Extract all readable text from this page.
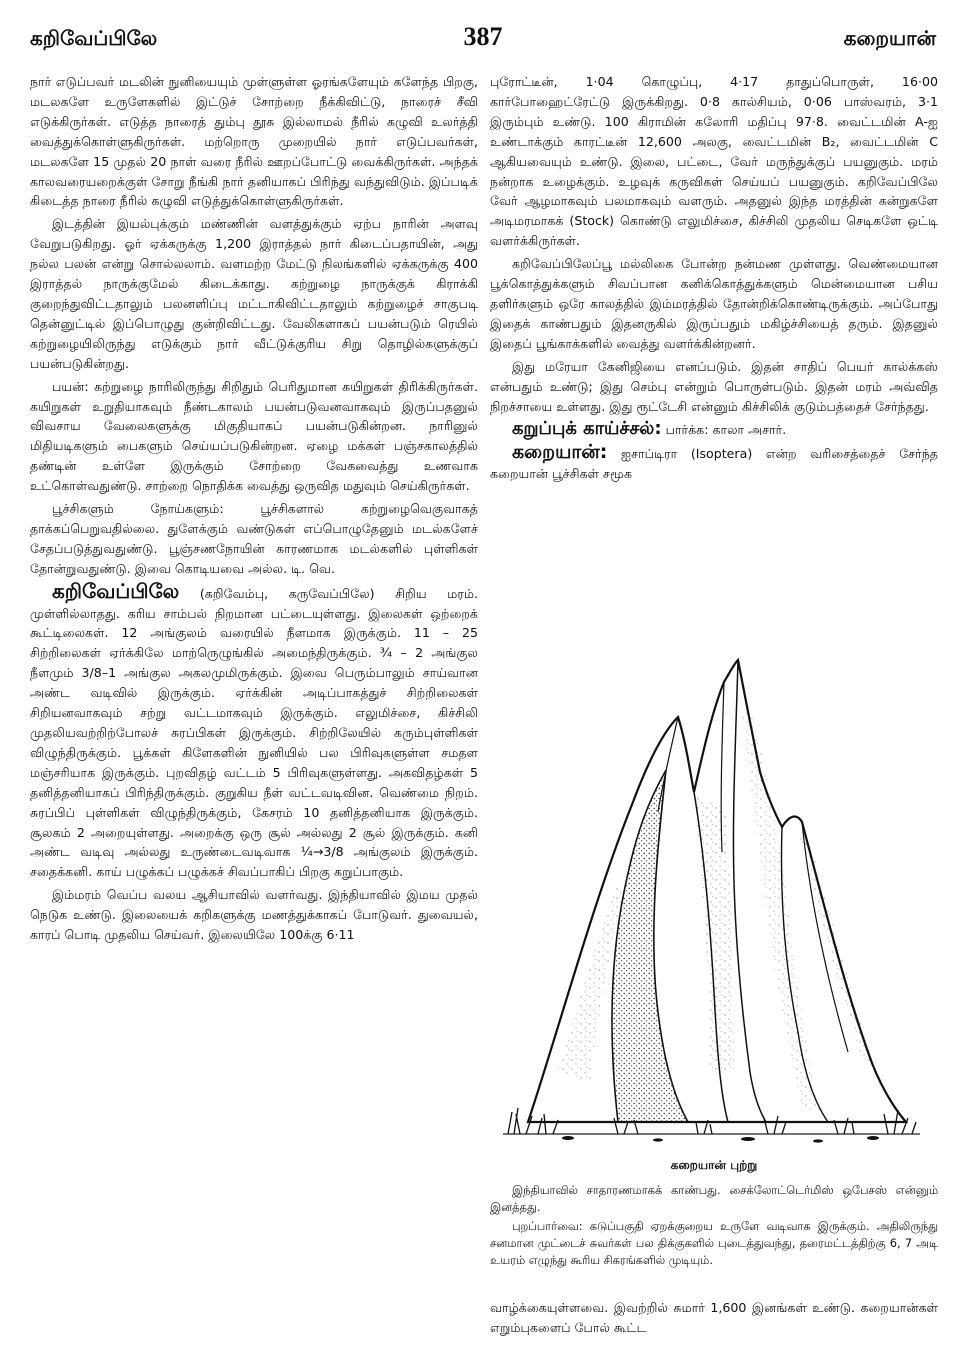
கறிவேப்பிலே	387	கறையான்

நார் எடுப்பவர் மடலின் நுனியையும் முள்ளுள்ள ஓரங்களேயும் களேந்த பிறகு, மடலகளே உருளேகளில் இட்டுச் சோற்றை நீக்கிவிட்டு, நாரைச் சீவி எடுக்கிருர்கள். எடுத்த நாரைத் தும்பு தூசு இல்லாமல் நீரில் கழுவி உலர்த்தி வைத்துக்கொள்ளுகிருர்கள். மற்றொரு முறையில் நார் எடுப்பவர்கள், மடலகளே 15 முதல் 20 நாள் வரை நீரில் ஊறப்போட்டு வைக்கிருர்கள். அந்தக் காலவரையறைக்குள் சோறு நீங்கி நார் தனியாகப் பிரிந்து வந்துவிடும். இப்படிக் கிடைத்த நாரை நீரில் கழுவி எடுத்துக்கொள்ளுகிருர்கள்.

இடத்தின் இயல்புக்கும் மண்ணின் வளத்துக்கும் ஏற்ப நாரின் அளவு வேறுபடுகிறது. ஓர் ஏக்கருக்கு 1,200 இராத்தல் நார் கிடைப்பதாயின், அது நல்ல பலன் என்று சொல்லலாம். வளமற்ற மேட்டு நிலங்களில் ஏக்கருக்கு 400 இராத்தல் நாருக்குமேல் கிடைக்காது. கற்றுழை நாருக்குக் கிராக்கி குறைந்துவிட்டதாலும் பலனளிப்பு மட்டாகிவிட்டதாலும் கற்றுழைச் சாகுபடி தென்னுட்டில் இப்பொழுது குன்றிவிட்டது. வேலிகளாகப் பயன்படும் ரெயில் கற்றுழையிலிருந்து எடுக்கும் நார் வீட்டுக்குரிய சிறு தொழில்களுக்குப் பயன்படுகின்றது.

பயன்: கற்றுழை நாரிலிருந்து சிறிதும் பெரிதுமான கயிறுகள் திரிக்கிருர்கள். கயிறுகள் உறுதியாகவும் நீண்டகாலம் பயன்படுவனவாகவும் இருப்பதனுல் விவசாய வேலைகளுக்கு மிகுதியாகப் பயன்படுகின்றன. நாரினுல் மிதியடிகளும் பைகளும் செய்யப்படுகின்றன. ஏழை மக்கள் பஞ்சகாலத்தில் தண்டின் உள்ளே இருக்கும் சோற்றை வேகவைத்து உணவாக உட்கொள்வதுண்டு. சாற்றை நொதிக்க வைத்து ஒருவித மதுவும் செய்கிருர்கள்.

பூச்சிகளும் நோய்களும்: பூச்சிகளால் கற்றுழைவெகுவாகத் தாக்கப்பெறுவதில்லை. துளேக்கும் வண்டுகள் எப்பொழுதேனும் மடல்களேச் சேதப்படுத்துவதுண்டு. பூஞ்சணநோயின் காரணமாக மடல்களில் புள்ளிகள் தோன்றுவதுண்டு. இவை கொடியவை அல்ல. டி. வெ.

கறிவேப்பிலே (கறிவேம்பு, கருவேப்பிலே) சிறிய மரம். முள்ளில்லாதது. கரிய சாம்பல் நிறமான பட்டையுள்ளது. இலைகள் ஒற்றைக் கூட்டிலைகள். 12 அங்குலம் வரையில் நீளமாக இருக்கும். 11 – 25 சிற்றிலைகள் ஏர்க்கிலே மாற்ருெழுங்கில் அமைந்திருக்கும். ¾ – 2 அங்குல நீளமும் 3/8–1 அங்குல அகலமுமிருக்கும். இவை பெரும்பாலும் சாய்வான அண்ட வடிவில் இருக்கும். ஏர்க்கின் அடிப்பாகத்துச் சிற்றிலைகள் சிறியனவாகவும் சற்று வட்டமாகவும் இருக்கும். எலுமிச்சை, கிச்சிலி முதலியவற்றிற்போலச் சுரப்பிகள் இருக்கும். சிற்றிலேயில் கரும்புள்ளிகள் விழுந்திருக்கும். பூக்கள் கிளேகளின் நுனியில் பல பிரிவுகளுள்ள சமதள மஞ்சரியாக இருக்கும். புறவிதழ் வட்டம் 5 பிரிவுகளுள்ளது. அகவிதழ்கள் 5 தனித்தனியாகப் பிரிந்திருக்கும். குறுகிய நீள் வட்டவடிவின. வெண்மை நிறம். சுரப்பிப் புள்ளிகள் விழுந்திருக்கும், கேசரம் 10 தனித்தனியாக இருக்கும். சூலகம் 2 அறையுள்ளது. அறைக்கு ஒரு சூல் அல்லது 2 சூல் இருக்கும். கனி அண்ட வடிவு அல்லது உருண்டைவடிவாக ¼→3/8 அங்குலம் இருக்கும். சதைக்கனி. காய் பழுக்கப் பழுக்கச் சிவப்பாகிப் பிறகு கறுப்பாகும்.

இம்மரம் வெப்ப வலய ஆசியாவில் வளர்வது. இந்தியாவில் இமய முதல் நெடுக உண்டு. இலையைக் கறிகளுக்கு மணத்துக்காகப் போடுவர். துவையல், காரப் பொடி முதலிய செய்வர். இலையிலே 100க்கு 6·11

புரோட்டீன், 1·04 கொழுப்பு, 4·17 தாதுப்பொருள், 16·00 கார்போஹைட்ரேட்டு இருக்கிறது. 0·8 கால்சியம், 0·06 பாஸ்வரம், 3·1 இரும்பும் உண்டு. 100 கிராமின் கலோரி மதிப்பு 97·8. வைட்டமின் A-ஐ உண்டாக்கும் காரட்டீன் 12,600 அலகு, வைட்டமின் B₂, வைட்டமின் C ஆகியவையும் உண்டு. இலை, பட்டை, வேர் மருந்துக்குப் பயனுகும். மரம் நன்றாக உழைக்கும். உழவுக் கருவிகள் செய்யப் பயனுகும். கறிவேப்பிலே வேர் ஆழமாகவும் பலமாகவும் வளரும். அதனுல் இந்த மரத்தின் கன்றுகளே அடிமரமாகக் (Stock) கொண்டு எலுமிச்சை, கிச்சிலி முதலிய செடிகளே ஒட்டி வளர்க்கிருர்கள்.

கறிவேப்பிலேப்பூ மல்லிகை போன்ற நன்மண முள்ளது. வெண்மையான பூக்கொத்துக்களும் சிவப்பான கனிக்கொத்துக்களும் மென்மையான பசிய தளிர்களும் ஒரே காலத்தில் இம்மரத்தில் தோன்றிக்கொண்டிருக்கும். அப்போது இதைக் காண்பதும் இதனருகில் இருப்பதும் மகிழ்ச்சியைத் தரும். இதனுல் இதைப் பூங்காக்களில் வைத்து வளர்க்கின்றனர்.

இது மரேயா கேனிஜியை எனப்படும். இதன் சாதிப் பெயர் கால்க்கஸ் என்பதும் உண்டு; இது செம்பு என்றும் பொருள்படும். இதன் மரம் அவ்வித நிறச்சாயை உள்ளது. இது ரூட்டேசி என்னும் கிச்சிலிக் குடும்பத்தைச் சேர்ந்தது.

கறுப்புக் காய்ச்சல்: பார்க்க: காலா அசார்.

கறையான்: ஐசாப்டிரா (Isoptera) என்ற வரிசைத்தைச் சேர்ந்த கறையான் பூச்சிகள் சமூக

கறையான் புற்று

இந்தியாவில் சாதாரணமாகக் காண்பது. சைக்லோட்டெர்மிஸ் ஒபேசஸ் என்னும் இனத்தது.

புறப்பார்வை: கடுப்பகுதி ஏறக்குறைய உருளே வடிவாக இருக்கும். அதிலிருந்து சனமான முட்டைச் சுவர்கள் பல திக்குகளில் புடைத்துவந்து, தரைமட்டத்திற்கு 6, 7 அடி உயரம் எழுந்து கூரிய சிகரங்களில் முடியும்.

வாழ்க்கையுள்ளவை. இவற்றில் சுமார் 1,600 இனங்கள் உண்டு. கறையான்கள் எறும்புகளைப் போல் கூட்ட
